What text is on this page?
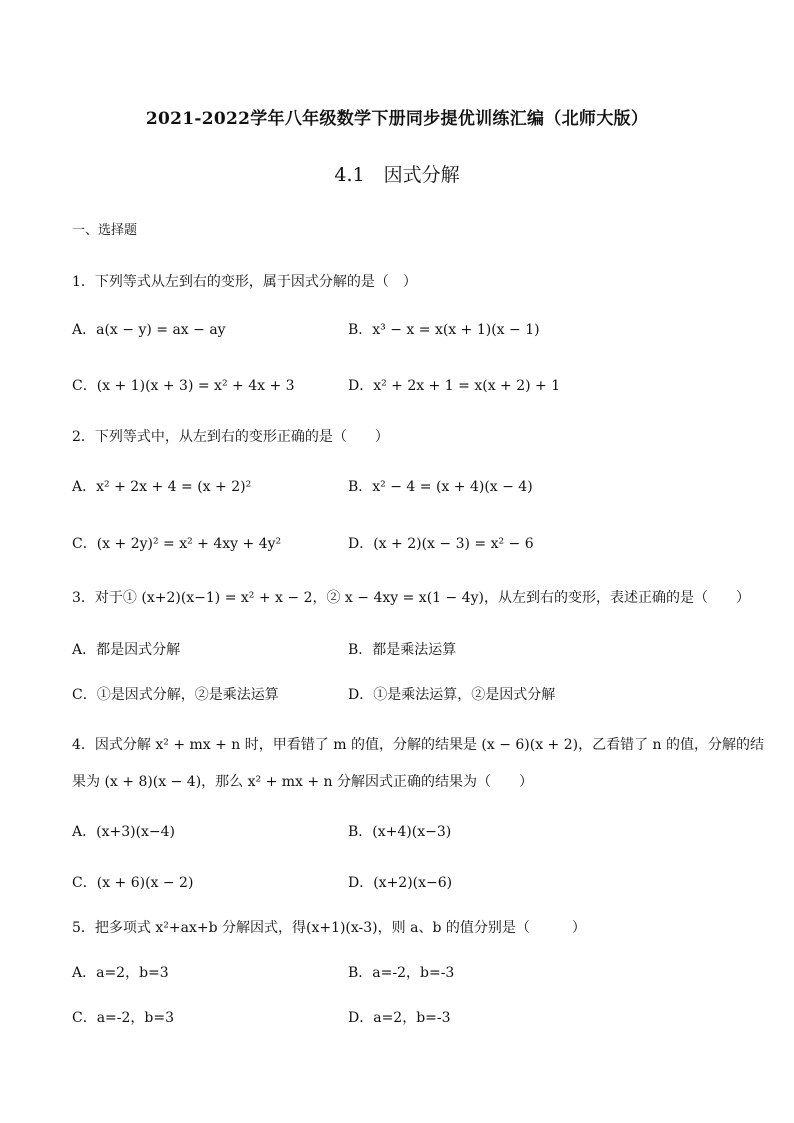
2021-2022学年八年级数学下册同步提优训练汇编（北师大版）
4.1　因式分解
一、选择题
1．下列等式从左到右的变形，属于因式分解的是（　）
A．a(x − y) = ax − ay	B．x³ − x = x(x + 1)(x − 1)
C．(x + 1)(x + 3) = x² + 4x + 3	D．x² + 2x + 1 = x(x + 2) + 1
2．下列等式中，从左到右的变形正确的是（　　）
A．x² + 2x + 4 = (x + 2)²	B．x² − 4 = (x + 4)(x − 4)
C．(x + 2y)² = x² + 4xy + 4y²	D．(x + 2)(x − 3) = x² − 6
3．对于① (x+2)(x−1) = x² + x − 2，② x − 4xy = x(1 − 4y)，从左到右的变形，表述正确的是（　　）
A．都是因式分解	B．都是乘法运算
C．①是因式分解，②是乘法运算	D．①是乘法运算，②是因式分解
4．因式分解 x² + mx + n 时，甲看错了 m 的值，分解的结果是 (x − 6)(x + 2)，乙看错了 n 的值，分解的结
果为 (x + 8)(x − 4)，那么 x² + mx + n 分解因式正确的结果为（　　）
A．(x+3)(x−4)	B．(x+4)(x−3)
C．(x + 6)(x − 2)	D．(x+2)(x−6)
5．把多项式 x²+ax+b 分解因式，得(x+1)(x-3)，则 a、b 的值分别是（　　　）
A．a=2，b=3	B．a=-2，b=-3
C．a=-2，b=3	D．a=2，b=-3
